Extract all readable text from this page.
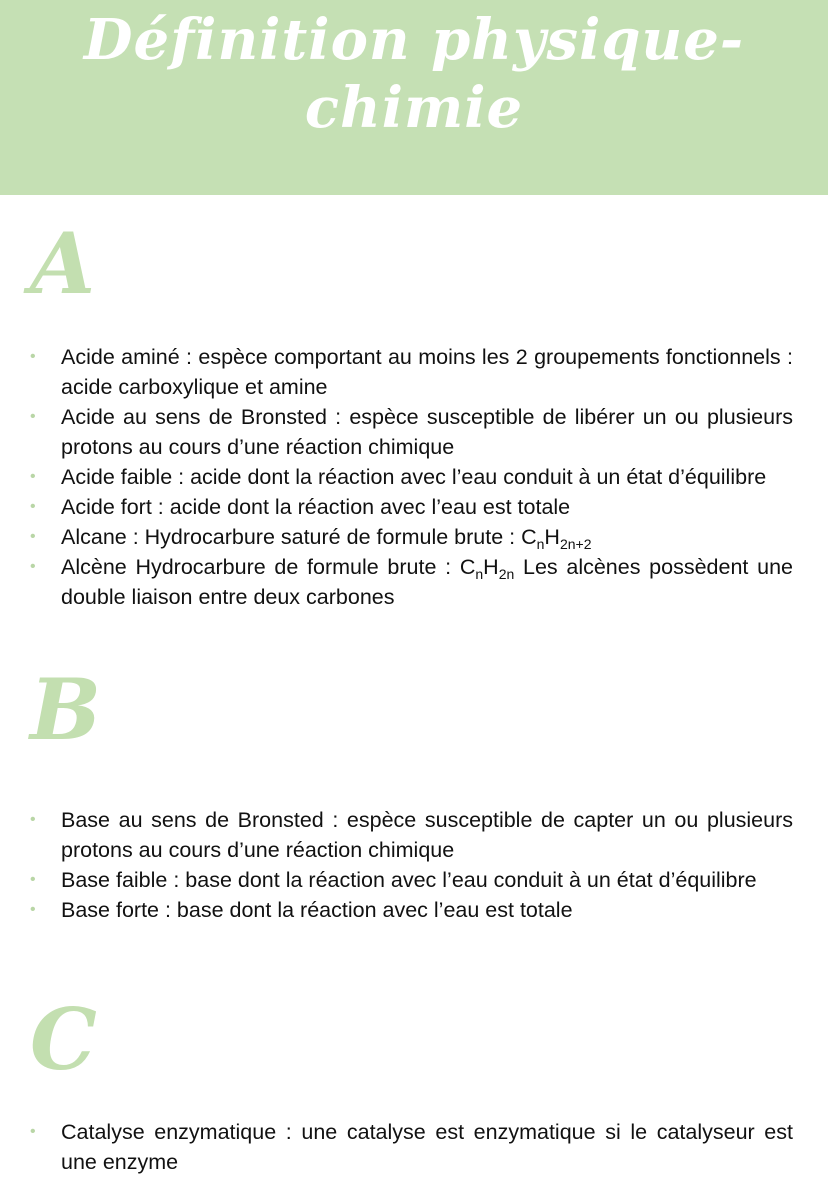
Définition physique-
chimie
A
• Acide aminé : espèce comportant au moins les 2 groupements fonctionnels : acide carboxylique et amine
• Acide au sens de Bronsted : espèce susceptible de libérer un ou plusieurs protons au cours d’une réaction chimique
• Acide faible : acide dont la réaction avec l’eau conduit à un état d’équilibre
• Acide fort : acide dont la réaction avec l’eau est totale
• Alcane : Hydrocarbure saturé de formule brute : $C_nH_{2n+2}$
• Alcène Hydrocarbure de formule brute : $C_nH_{2n}$ Les alcènes possèdent une double liaison entre deux carbones
B
• Base au sens de Bronsted : espèce susceptible de capter un ou plusieurs protons au cours d’une réaction chimique
• Base faible : base dont la réaction avec l’eau conduit à un état d’équilibre
• Base forte : base dont la réaction avec l’eau est totale
C
• Catalyse enzymatique : une catalyse est enzymatique si le catalyseur est une enzyme
